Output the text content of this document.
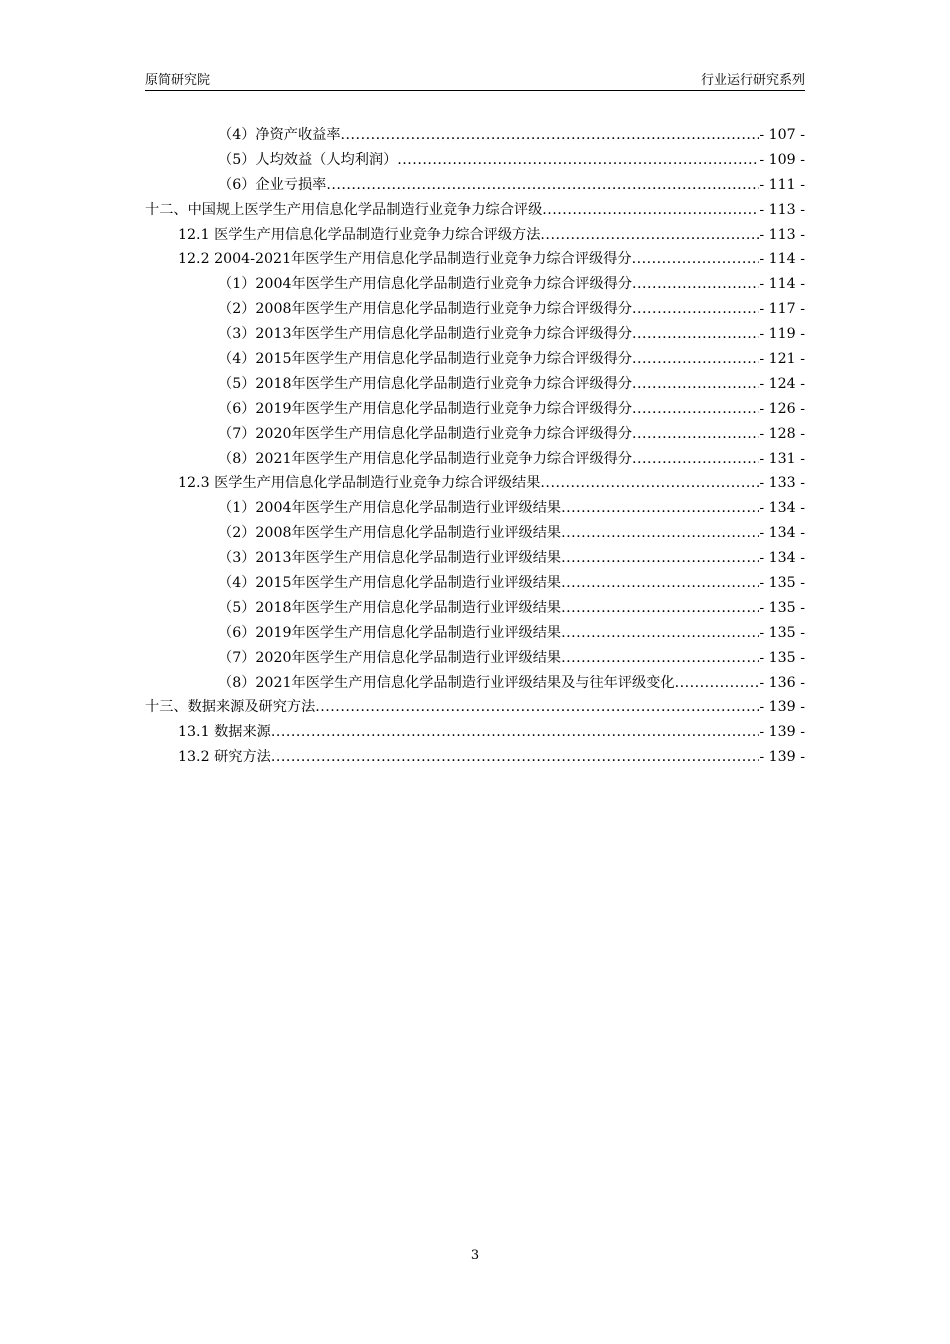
原简研究院	行业运行研究系列
（4）净资产收益率 .....	- 107 -
（5）人均效益（人均利润） .....	- 109 -
（6）企业亏损率 .....	- 111 -
十二、中国规上医学生产用信息化学品制造行业竞争力综合评级 .....	- 113 -
12.1 医学生产用信息化学品制造行业竞争力综合评级方法 .....	- 113 -
12.2 2004-2021年医学生产用信息化学品制造行业竞争力综合评级得分 .....	- 114 -
（1）2004年医学生产用信息化学品制造行业竞争力综合评级得分 .....	- 114 -
（2）2008年医学生产用信息化学品制造行业竞争力综合评级得分 .....	- 117 -
（3）2013年医学生产用信息化学品制造行业竞争力综合评级得分 .....	- 119 -
（4）2015年医学生产用信息化学品制造行业竞争力综合评级得分 .....	- 121 -
（5）2018年医学生产用信息化学品制造行业竞争力综合评级得分 .....	- 124 -
（6）2019年医学生产用信息化学品制造行业竞争力综合评级得分 .....	- 126 -
（7）2020年医学生产用信息化学品制造行业竞争力综合评级得分 .....	- 128 -
（8）2021年医学生产用信息化学品制造行业竞争力综合评级得分 .....	- 131 -
12.3 医学生产用信息化学品制造行业竞争力综合评级结果 .....	- 133 -
（1）2004年医学生产用信息化学品制造行业评级结果 .....	- 134 -
（2）2008年医学生产用信息化学品制造行业评级结果 .....	- 134 -
（3）2013年医学生产用信息化学品制造行业评级结果 .....	- 134 -
（4）2015年医学生产用信息化学品制造行业评级结果 .....	- 135 -
（5）2018年医学生产用信息化学品制造行业评级结果 .....	- 135 -
（6）2019年医学生产用信息化学品制造行业评级结果 .....	- 135 -
（7）2020年医学生产用信息化学品制造行业评级结果 .....	- 135 -
（8）2021年医学生产用信息化学品制造行业评级结果及与往年评级变化 .....	- 136 -
十三、数据来源及研究方法 .....	- 139 -
13.1 数据来源 .....	- 139 -
13.2 研究方法 .....	- 139 -
3
